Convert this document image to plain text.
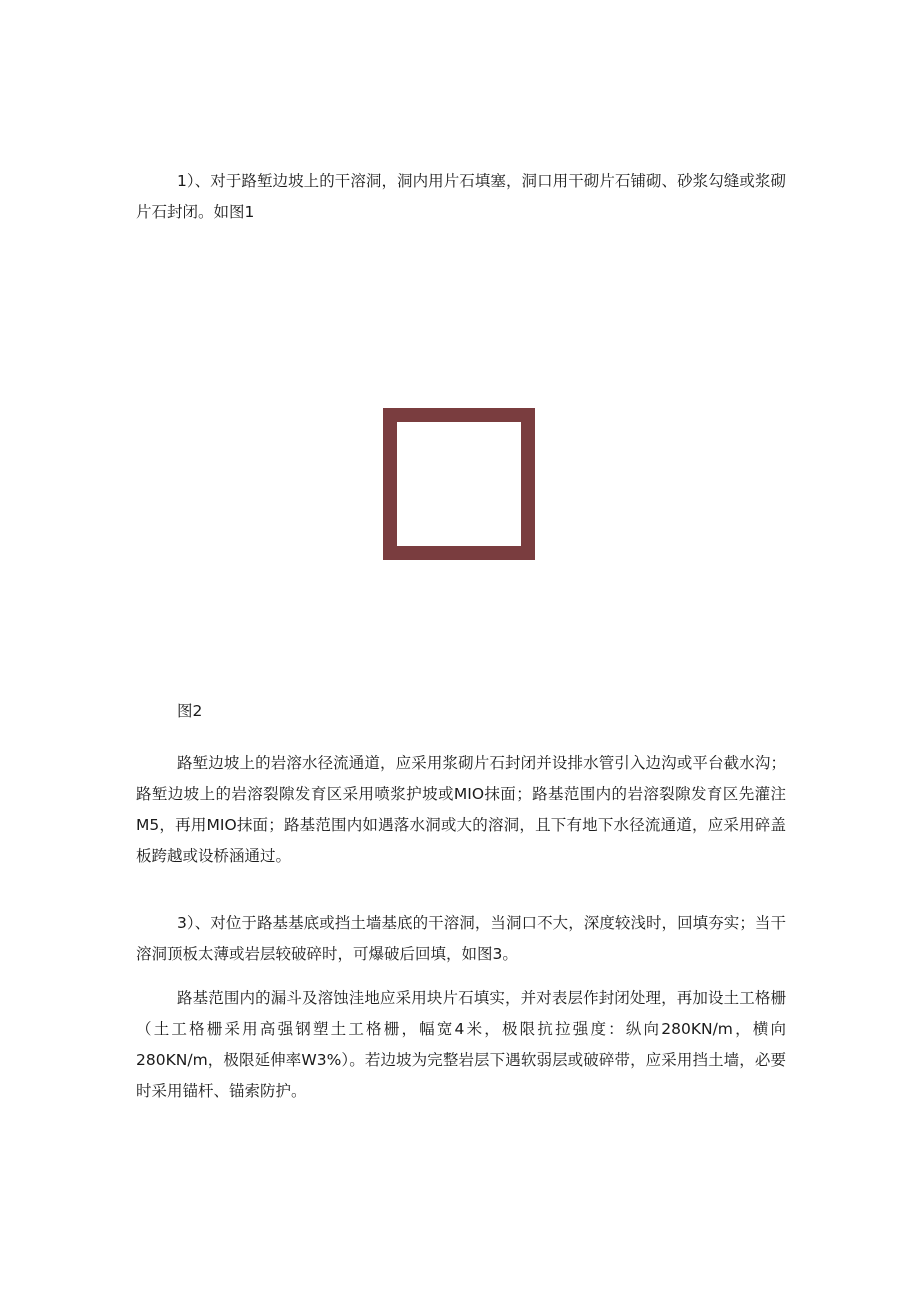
1）、对于路堑边坡上的干溶洞，洞内用片石填塞，洞口用干砌片石铺砌、砂浆勾缝或浆砌片石封闭。如图1

图2

路堑边坡上的岩溶水径流通道，应采用浆砌片石封闭并设排水管引入边沟或平台截水沟；路堑边坡上的岩溶裂隙发育区采用喷浆护坡或MIO抹面；路基范围内的岩溶裂隙发育区先灌注M5，再用MIO抹面；路基范围内如遇落水洞或大的溶洞，且下有地下水径流通道，应采用碎盖板跨越或设桥涵通过。

3）、对位于路基基底或挡土墙基底的干溶洞，当洞口不大，深度较浅时，回填夯实；当干溶洞顶板太薄或岩层较破碎时，可爆破后回填，如图3。

路基范围内的漏斗及溶蚀洼地应采用块片石填实，并对表层作封闭处理，再加设土工格栅（土工格栅采用高强钢塑土工格栅，幅宽4米，极限抗拉强度：纵向280KN∕m，横向280KN∕m，极限延伸率W3%）。若边坡为完整岩层下遇软弱层或破碎带，应采用挡土墙，必要时采用锚杆、锚索防护。
